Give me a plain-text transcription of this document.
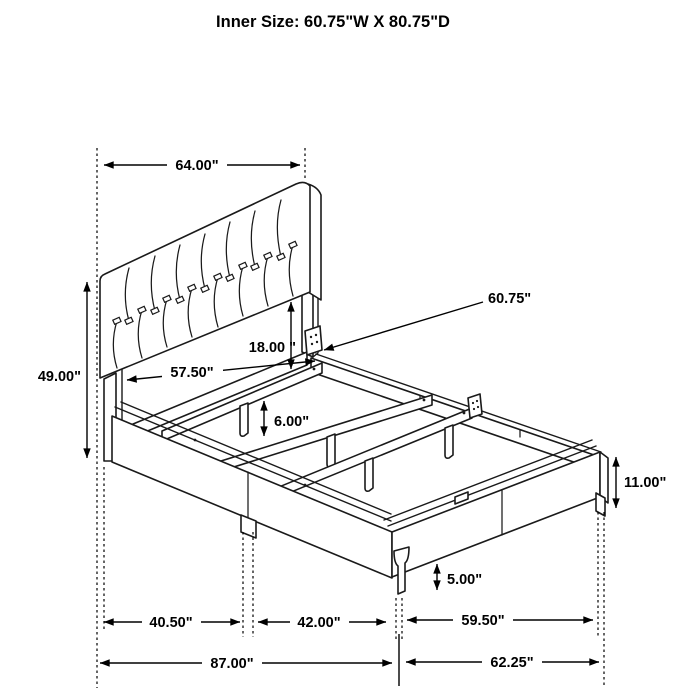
64.00"
49.00"	57.50"
18.00 "
60.75"
6.00"
11.00"
5.00"
40.50"	42.00"	59.50"
87.00"	62.25"
Inner Size: 60.75"W X 80.75"D
